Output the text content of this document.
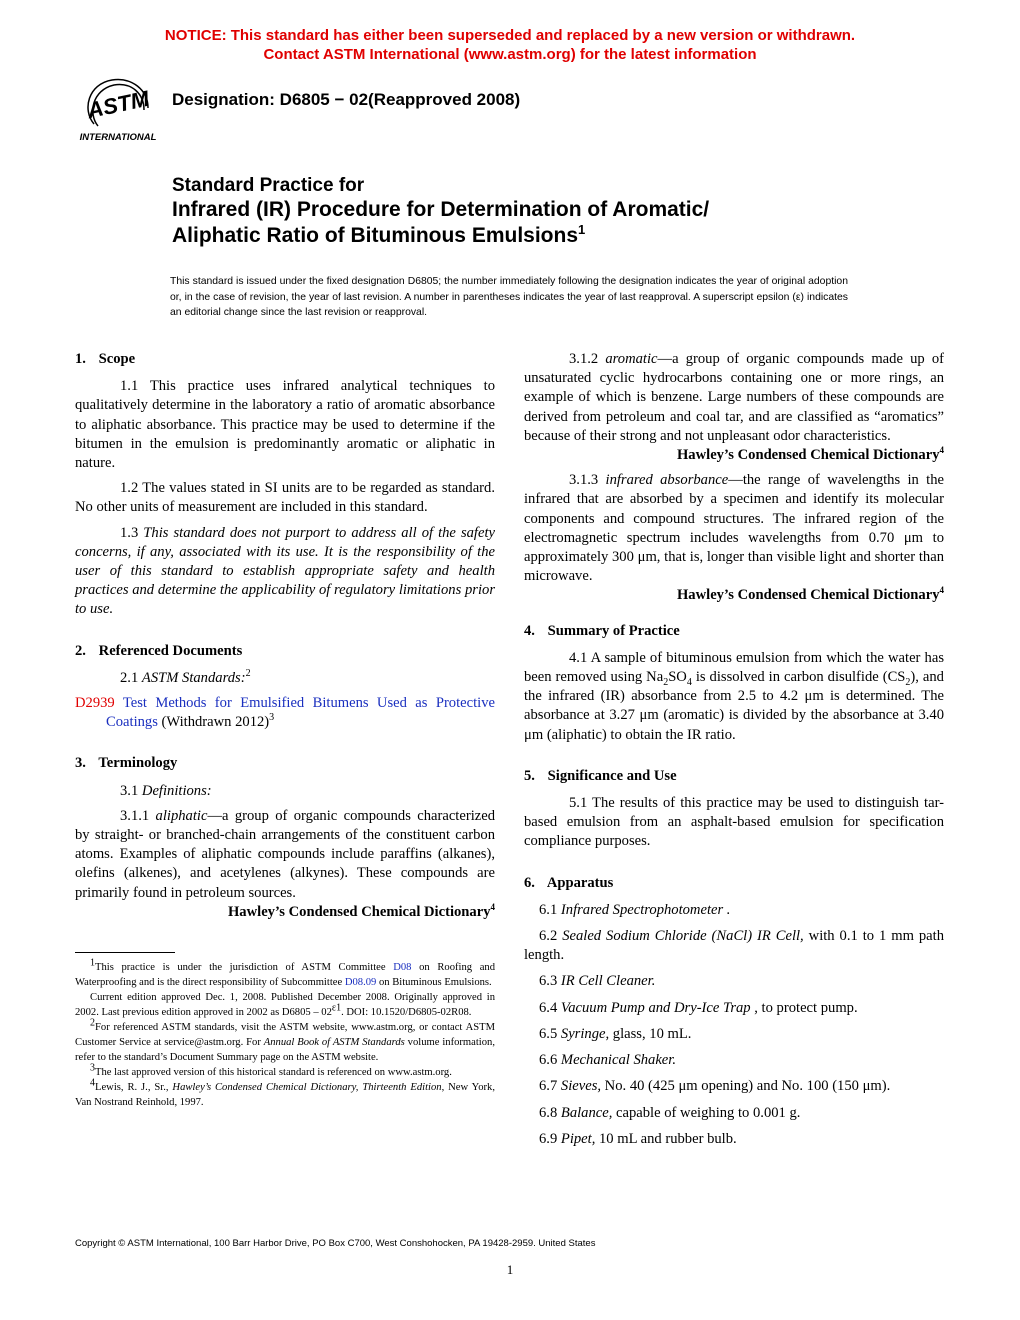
NOTICE: This standard has either been superseded and replaced by a new version or withdrawn.
Contact ASTM International (www.astm.org) for the latest information
ASTM
INTERNATIONAL
Designation: D6805 − 02(Reapproved 2008)
Standard Practice for
Infrared (IR) Procedure for Determination of Aromatic/
Aliphatic Ratio of Bituminous Emulsions$^1$
This standard is issued under the fixed designation D6805; the number immediately following the designation indicates the year of original adoption or, in the case of revision, the year of last revision. A number in parentheses indicates the year of last reapproval. A superscript epsilon (ε) indicates an editorial change since the last revision or reapproval.
1. Scope

1.1 This practice uses infrared analytical techniques to qualitatively determine in the laboratory a ratio of aromatic absorbance to aliphatic absorbance. This practice may be used to determine if the bitumen in the emulsion is predominantly aromatic or aliphatic in nature.

1.2 The values stated in SI units are to be regarded as standard. No other units of measurement are included in this standard.

1.3 This standard does not purport to address all of the safety concerns, if any, associated with its use. It is the responsibility of the user of this standard to establish appropriate safety and health practices and determine the applicability of regulatory limitations prior to use.

2. Referenced Documents

2.1 ASTM Standards:$^2$

D2939 Test Methods for Emulsified Bitumens Used as Protective Coatings (Withdrawn 2012)$^3$
3. Terminology

3.1 Definitions:

3.1.1 aliphatic—a group of organic compounds characterized by straight- or branched-chain arrangements of the constituent carbon atoms. Examples of aliphatic compounds include paraffins (alkanes), olefins (alkenes), and acetylenes (alkynes). These compounds are primarily found in petroleum sources.

Hawley’s Condensed Chemical Dictionary$^4$

$^1$This practice is under the jurisdiction of ASTM Committee D08 on Roofing and Waterproofing and is the direct responsibility of Subcommittee D08.09 on Bituminous Emulsions.

Current edition approved Dec. 1, 2008. Published December 2008. Originally approved in 2002. Last previous edition approved in 2002 as $D6805 - 02^{\varepsilon 1}$. DOI: 10.1520/D6805-02R08.

$^2$For referenced ASTM standards, visit the ASTM website, www.astm.org, or contact ASTM Customer Service at service@astm.org. For Annual Book of ASTM Standards volume information, refer to the standard’s Document Summary page on the ASTM website.

$^3$The last approved version of this historical standard is referenced on www.astm.org.

$^4$Lewis, R. J., Sr., Hawley’s Condensed Chemical Dictionary, Thirteenth Edition, New York, Van Nostrand Reinhold, 1997.

3.1.2 aromatic—a group of organic compounds made up of unsaturated cyclic hydrocarbons containing one or more rings, an example of which is benzene. Large numbers of these compounds are derived from petroleum and coal tar, and are classified as “aromatics” because of their strong and not unpleasant odor characteristics.

Hawley’s Condensed Chemical Dictionary$^4$

3.1.3 infrared absorbance—the range of wavelengths in the infrared that are absorbed by a specimen and identify its molecular components and compound structures. The infrared region of the electromagnetic spectrum includes wavelengths from 0.70 μm to approximately 300 μm, that is, longer than visible light and shorter than microwave.

Hawley’s Condensed Chemical Dictionary$^4$
4. Summary of Practice

4.1 A sample of bituminous emulsion from which the water has been removed using $Na_2SO_4$ is dissolved in carbon disulfide $(CS_2)$, and the infrared (IR) absorbance from 2.5 to 4.2 μm is determined. The absorbance at 3.27 μm (aromatic) is divided by the absorbance at 3.40 μm (aliphatic) to obtain the IR ratio.

5. Significance and Use

5.1 The results of this practice may be used to distinguish tar-based emulsion from an asphalt-based emulsion for specification compliance purposes.

6. Apparatus
6.1 Infrared Spectrophotometer .
6.2 Sealed Sodium Chloride (NaCl) IR Cell, with 0.1 to 1 mm path length.
6.3 IR Cell Cleaner.
6.4 Vacuum Pump and Dry-Ice Trap , to protect pump.
6.5 Syringe, glass, 10 mL.
6.6 Mechanical Shaker.
6.7 Sieves, No. 40 (425 μm opening) and No. 100 (150 μm).
6.8 Balance, capable of weighing to 0.001 g.
6.9 Pipet, 10 mL and rubber bulb.
Copyright © ASTM International, 100 Barr Harbor Drive, PO Box C700, West Conshohocken, PA 19428-2959. United States
1
